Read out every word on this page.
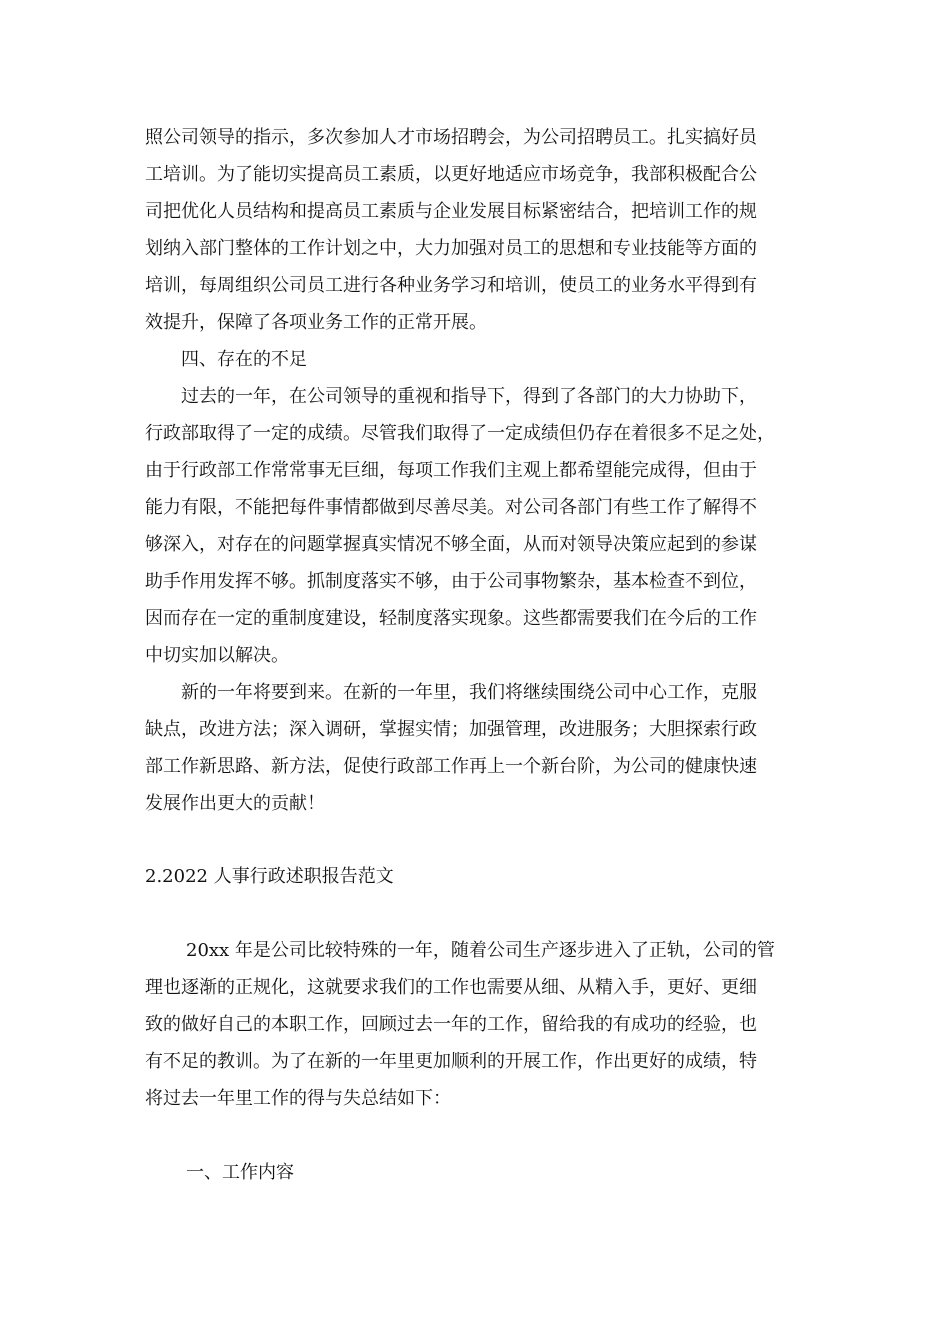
照公司领导的指示，多次参加人才市场招聘会，为公司招聘员工。扎实搞好员
工培训。为了能切实提高员工素质，以更好地适应市场竞争，我部积极配合公
司把优化人员结构和提高员工素质与企业发展目标紧密结合，把培训工作的规
划纳入部门整体的工作计划之中，大力加强对员工的思想和专业技能等方面的
培训，每周组织公司员工进行各种业务学习和培训，使员工的业务水平得到有
效提升，保障了各项业务工作的正常开展。
四、存在的不足
过去的一年，在公司领导的重视和指导下，得到了各部门的大力协助下，
行政部取得了一定的成绩。尽管我们取得了一定成绩但仍存在着很多不足之处，
由于行政部工作常常事无巨细，每项工作我们主观上都希望能完成得，但由于
能力有限，不能把每件事情都做到尽善尽美。对公司各部门有些工作了解得不
够深入，对存在的问题掌握真实情况不够全面，从而对领导决策应起到的参谋
助手作用发挥不够。抓制度落实不够，由于公司事物繁杂，基本检查不到位，
因而存在一定的重制度建设，轻制度落实现象。这些都需要我们在今后的工作
中切实加以解决。
新的一年将要到来。在新的一年里，我们将继续围绕公司中心工作，克服
缺点，改进方法；深入调研，掌握实情；加强管理，改进服务；大胆探索行政
部工作新思路、新方法，促使行政部工作再上一个新台阶，为公司的健康快速
发展作出更大的贡献！
2.2022 人事行政述职报告范文
20xx 年是公司比较特殊的一年，随着公司生产逐步进入了正轨，公司的管
理也逐渐的正规化，这就要求我们的工作也需要从细、从精入手，更好、更细
致的做好自己的本职工作，回顾过去一年的工作，留给我的有成功的经验，也
有不足的教训。为了在新的一年里更加顺利的开展工作，作出更好的成绩，特
将过去一年里工作的得与失总结如下：
一、工作内容
